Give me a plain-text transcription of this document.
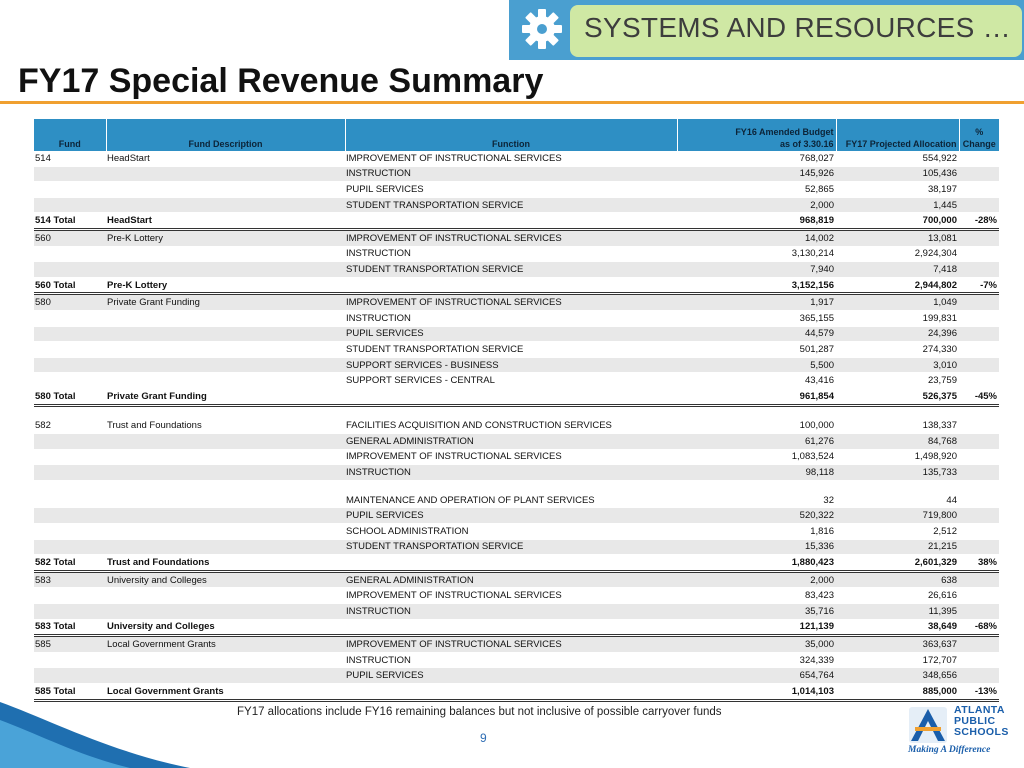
SYSTEMS AND RESOURCES …
FY17 Special Revenue Summary
Fund	Fund Description	Function	FY16 Amended Budget
as of 3.30.16	FY17 Projected Allocation	% Change
514	HeadStart	IMPROVEMENT OF INSTRUCTIONAL SERVICES	768,027	554,922	
		INSTRUCTION	145,926	105,436	
		PUPIL SERVICES	52,865	38,197	
		STUDENT TRANSPORTATION SERVICE	2,000	1,445	
514 Total	HeadStart		968,819	700,000	-28%
560	Pre-K Lottery	IMPROVEMENT OF INSTRUCTIONAL SERVICES	14,002	13,081	
		INSTRUCTION	3,130,214	2,924,304	
		STUDENT TRANSPORTATION SERVICE	7,940	7,418	
560 Total	Pre-K Lottery		3,152,156	2,944,802	-7%
580	Private Grant Funding	IMPROVEMENT OF INSTRUCTIONAL SERVICES	1,917	1,049	
		INSTRUCTION	365,155	199,831	
		PUPIL SERVICES	44,579	24,396	
		STUDENT TRANSPORTATION SERVICE	501,287	274,330	
		SUPPORT SERVICES - BUSINESS	5,500	3,010	
		SUPPORT SERVICES - CENTRAL	43,416	23,759	
580 Total	Private Grant Funding		961,854	526,375	-45%

582	Trust and Foundations	FACILITIES ACQUISITION AND CONSTRUCTION SERVICES	100,000	138,337	
		GENERAL ADMINISTRATION	61,276	84,768	
		IMPROVEMENT OF INSTRUCTIONAL SERVICES	1,083,524	1,498,920	
		INSTRUCTION	98,118	135,733	

		MAINTENANCE AND OPERATION OF PLANT SERVICES	32	44	
		PUPIL SERVICES	520,322	719,800	
		SCHOOL ADMINISTRATION	1,816	2,512	
		STUDENT TRANSPORTATION SERVICE	15,336	21,215	
582 Total	Trust and Foundations		1,880,423	2,601,329	38%
583	University and Colleges	GENERAL ADMINISTRATION	2,000	638	
		IMPROVEMENT OF INSTRUCTIONAL SERVICES	83,423	26,616	
		INSTRUCTION	35,716	11,395	
583 Total	University and Colleges		121,139	38,649	-68%
585	Local Government Grants	IMPROVEMENT OF INSTRUCTIONAL SERVICES	35,000	363,637	
		INSTRUCTION	324,339	172,707	
		PUPIL SERVICES	654,764	348,656	
585 Total	Local Government Grants		1,014,103	885,000	-13%
FY17 allocations include FY16 remaining balances but not inclusive of possible carryover funds
9
ATLANTA
PUBLIC
SCHOOLS
Making A Difference
